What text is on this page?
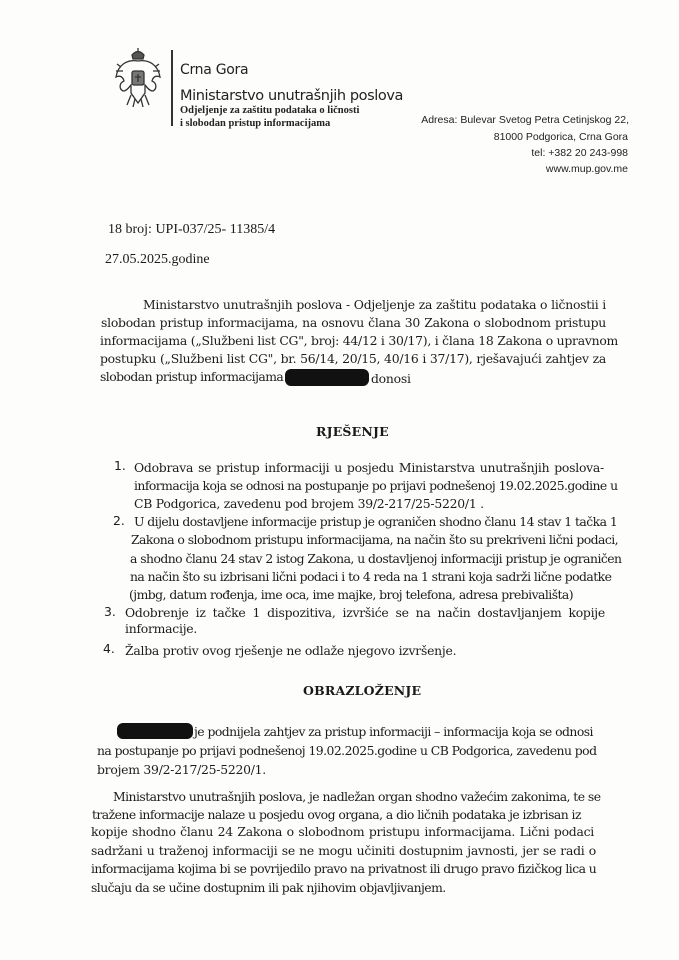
Crna Gora
Ministarstvo unutrašnjih poslova
Odjeljenje za zaštitu podataka o ličnosti
i slobodan pristup informacijama	Adresa: Bulevar Svetog Petra Cetinjskog 22,
81000 Podgorica, Crna Gora
tel: +382 20 243-998
www.mup.gov.me
18 broj: UPI-037/25- 11385/4
27.05.2025.godine
Ministarstvo unutrašnjih poslova - Odjeljenje za zaštitu podataka o ličnostii i
slobodan pristup informacijama, na osnovu člana 30 Zakona o slobodnom pristupu
informacijama („Službeni list CG", broj: 44/12 i 30/17), i člana 18 Zakona o upravnom
postupku („Službeni list CG", br. 56/14, 20/15, 40/16 i 37/17), rješavajući zahtjev za
slobodan pristup informacijama	donosi
RJEŠENJE
1. Odobrava se pristup informaciji u posjedu Ministarstva unutrašnjih poslova-
informacija koja se odnosi na postupanje po prijavi podnešenoj 19.02.2025.godine u
CB Podgorica, zavedenu pod brojem 39/2-217/25-5220/1 .
2. U dijelu dostavljene informacije pristup je ograničen shodno članu 14 stav 1 tačka 1
Zakona o slobodnom pristupu informacijama, na način što su prekriveni lični podaci,
a shodno članu 24 stav 2 istog Zakona, u dostavljenoj informaciji pristup je ograničen
na način što su izbrisani lični podaci i to 4 reda na 1 strani koja sadrži lične podatke
(jmbg, datum rođenja, ime oca, ime majke, broj telefona, adresa prebivališta)
3. Odobrenje iz tačke 1 dispozitiva, izvršiće se na način dostavljanjem kopije
informacije.
4. Žalba protiv ovog rješenje ne odlaže njegovo izvršenje.
OBRAZLOŽENJE
je podnijela zahtjev za pristup informaciji – informacija koja se odnosi
na postupanje po prijavi podnešenoj 19.02.2025.godine u CB Podgorica, zavedenu pod
brojem 39/2-217/25-5220/1.
Ministarstvo unutrašnjih poslova, je nadležan organ shodno važećim zakonima, te se
tražene informacije nalaze u posjedu ovog organa, a dio ličnih podataka je izbrisan iz
kopije shodno članu 24 Zakona o slobodnom pristupu informacijama. Lični podaci
sadržani u traženoj informaciji se ne mogu učiniti dostupnim javnosti, jer se radi o
informacijama kojima bi se povrijedilo pravo na privatnost ili drugo pravo fizičkog lica u
slučaju da se učine dostupnim ili pak njihovim objavljivanjem.
